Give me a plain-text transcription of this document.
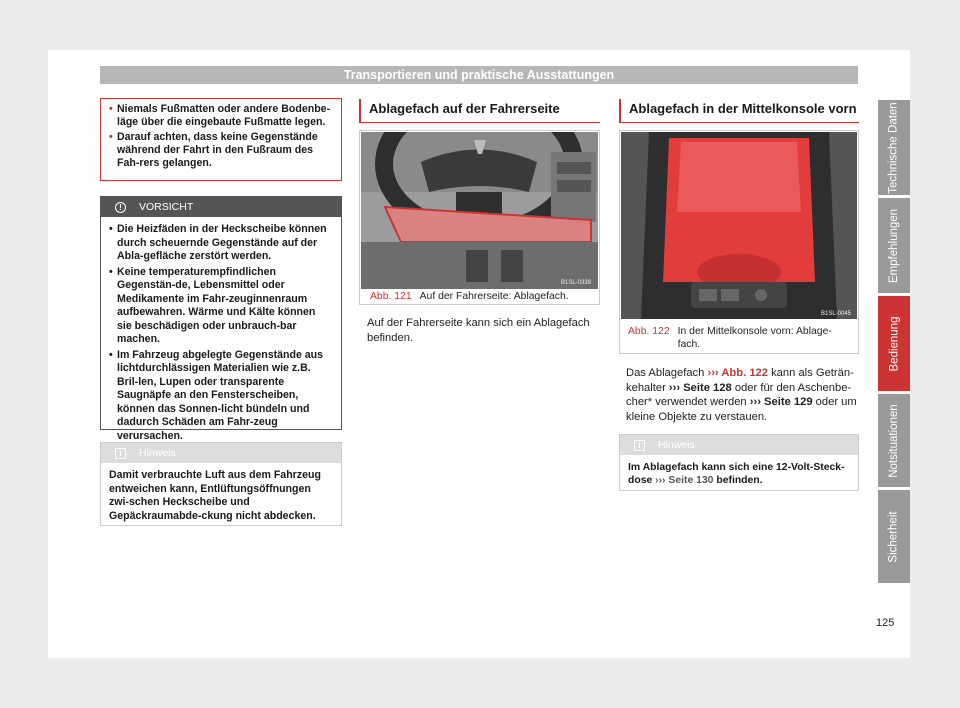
Transportieren und praktische Ausstattungen
• Niemals Fußmatten oder andere Bodenbe-läge über die eingebaute Fußmatte legen.
• Darauf achten, dass keine Gegenstände während der Fahrt in den Fußraum des Fah-rers gelangen.
!	VORSICHT
• Die Heizfäden in der Heckscheibe können durch scheuernde Gegenstände auf der Abla-gefläche zerstört werden.
• Keine temperaturempfindlichen Gegenstän-de, Lebensmittel oder Medikamente im Fahr-zeuginnenraum aufbewahren. Wärme und Kälte können sie beschädigen oder unbrauch-bar machen.
• Im Fahrzeug abgelegte Gegenstände aus lichtdurchlässigen Materialien wie z.B. Bril-len, Lupen oder transparente Saugnäpfe an den Fensterscheiben, können das Sonnen-licht bündeln und dadurch Schäden am Fahr-zeug verursachen.
i	Hinweis
Damit verbrauchte Luft aus dem Fahrzeug entweichen kann, Entlüftungsöffnungen zwi-schen Heckscheibe und Gepäckraumabde-ckung nicht abdecken.
Ablagefach auf der Fahrerseite
B1SL-0339
Abb. 121 Auf der Fahrerseite: Ablagefach.
Auf der Fahrerseite kann sich ein Ablagefach befinden.
Ablagefach in der Mittelkonsole vorn
B1SL-0045
Abb. 122 In der Mittelkonsole vorn: Ablage-fach.
Das Ablagefach ››› Abb. 122 kann als Geträn-kehalter ››› Seite 128 oder für den Aschenbe-cher* verwendet werden ››› Seite 129 oder um kleine Objekte zu verstauen.
i	Hinweis
Im Ablagefach kann sich eine 12-Volt-Steck-dose ››› Seite 130 befinden.
Technische Daten
Empfehlungen
Bedienung
Notsituationen
Sicherheit
125
